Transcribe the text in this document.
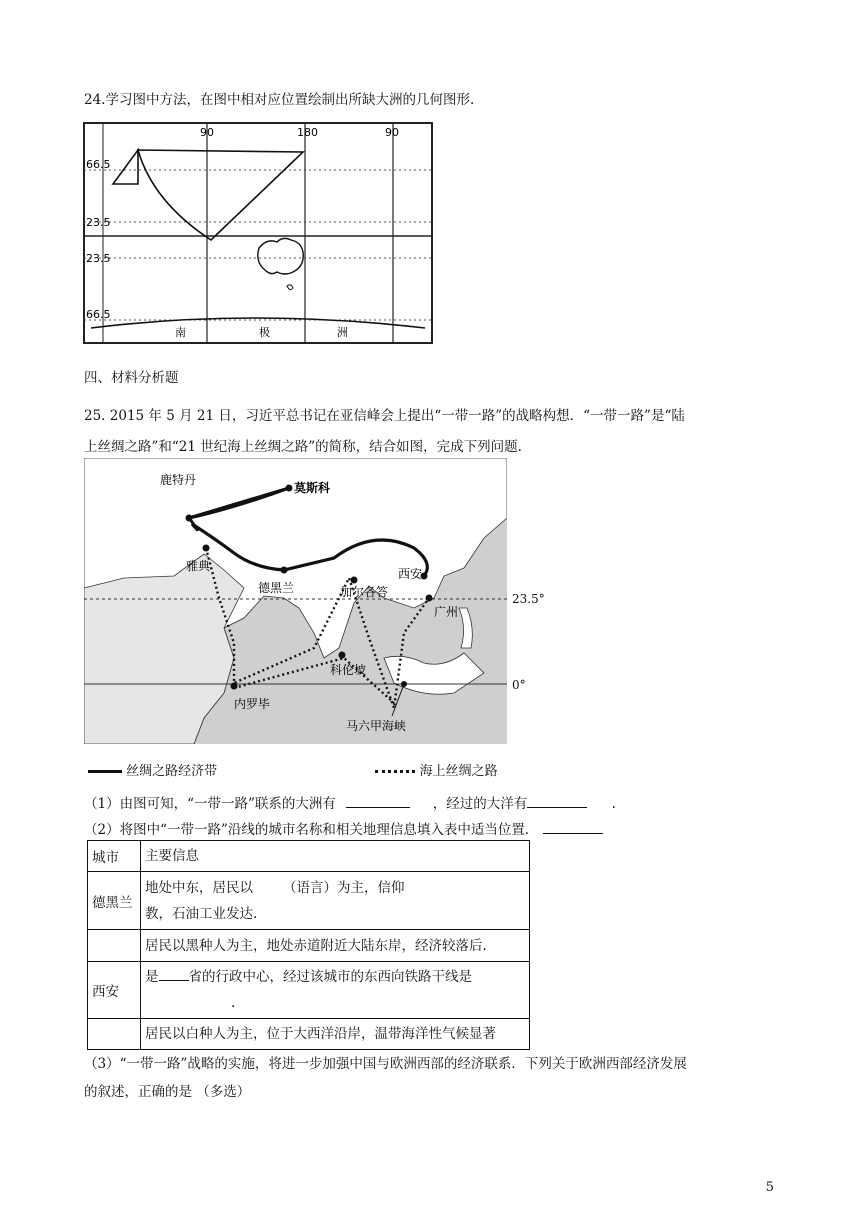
24.学习图中方法，在图中相对应位置绘制出所缺大洲的几何图形.
90	180	90
66.5
23.5
23.5
66.5
南	极	洲
四、材料分析题
25. 2015 年 5 月 21 日，习近平总书记在亚信峰会上提出“一带一路”的战略构想．“一带一路”是“陆
上丝绸之路”和“21 世纪海上丝绸之路”的简称，结合如图，完成下列问题.
鹿特丹
莫斯科
雅典
德黑兰	加尔各答
西安
广州
科伦坡
内罗毕
马六甲海峡
23.5°
0°
丝绸之路经济带	海上丝绸之路
（1）由图可知，“一带一路”联系的大洲有	，经过的大洋有	.
（2）将图中“一带一路”沿线的城市名称和相关地理信息填入表中适当位置．
城市	主要信息
德黑兰	地处中东，居民以 （语言）为主，信仰
教，石油工业发达.
	居民以黑种人为主，地处赤道附近大陆东岸，经济较落后.
西安	是 省的行政中心，经过该城市的东西向铁路干线是
.
	居民以白种人为主，位于大西洋沿岸，温带海洋性气候显著
（3）“一带一路”战略的实施，将进一步加强中国与欧洲西部的经济联系．下列关于欧洲西部经济发展
的叙述，正确的是 （多选）
5
